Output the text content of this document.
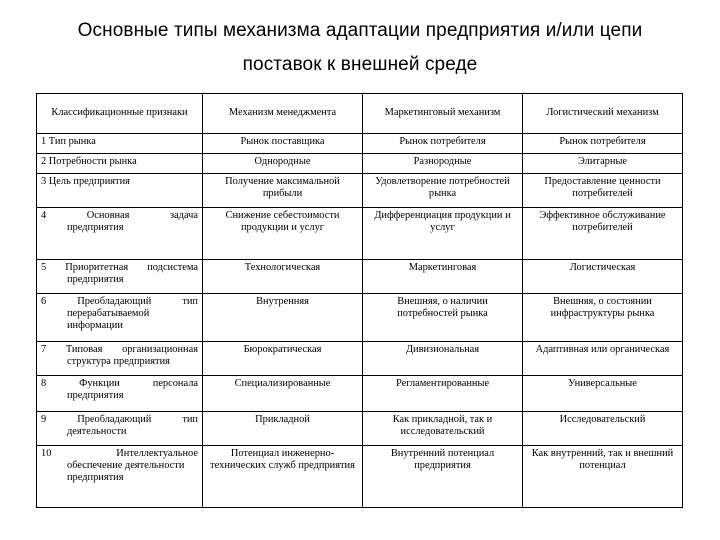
Основные типы механизма адаптации предприятия и/или цепи
поставок к внешней среде
Классификационные признаки	Механизм менеджмента	Маркетинговый механизм	Логистический механизм

1 Тип рынка	Рынок поставщика	Рынок потребителя	Рынок потребителя

2 Потребности рынка	Однородные	Разнородные	Элитарные

3 Цель предприятия	Получение максимальной прибыли	Удовлетворение потребностей рынка	Предоставление ценности потребителей

4 Основная задача
предприятия	Снижение себестоимости продукции и услуг	Дифференциация продукции и услуг	Эффективное обслуживание потребителей

5 Приоритетная подсистема
предприятия	Технологическая	Маркетинговая	Логистическая

6 Преобладающий тип
перерабатываемой информации	Внутренняя	Внешняя, о наличии потребностей рынка	Внешняя, о состоянии инфраструктуры рынка

7 Типовая организационная
структура предприятия	Бюрократическая	Дивизиональная	Адаптивная или органическая

8 Функции персонала
предприятия	Специализированные	Регламентированные	Универсальные

9 Преобладающий тип
деятельности	Прикладной	Как прикладной, так и исследовательский	Исследовательский

10 Интеллектуальное
обеспечение деятельности предприятия	Потенциал инженерно-технических служб предприятия	Внутренний потенциал предприятия	Как внутренний, так и внешний потенциал
